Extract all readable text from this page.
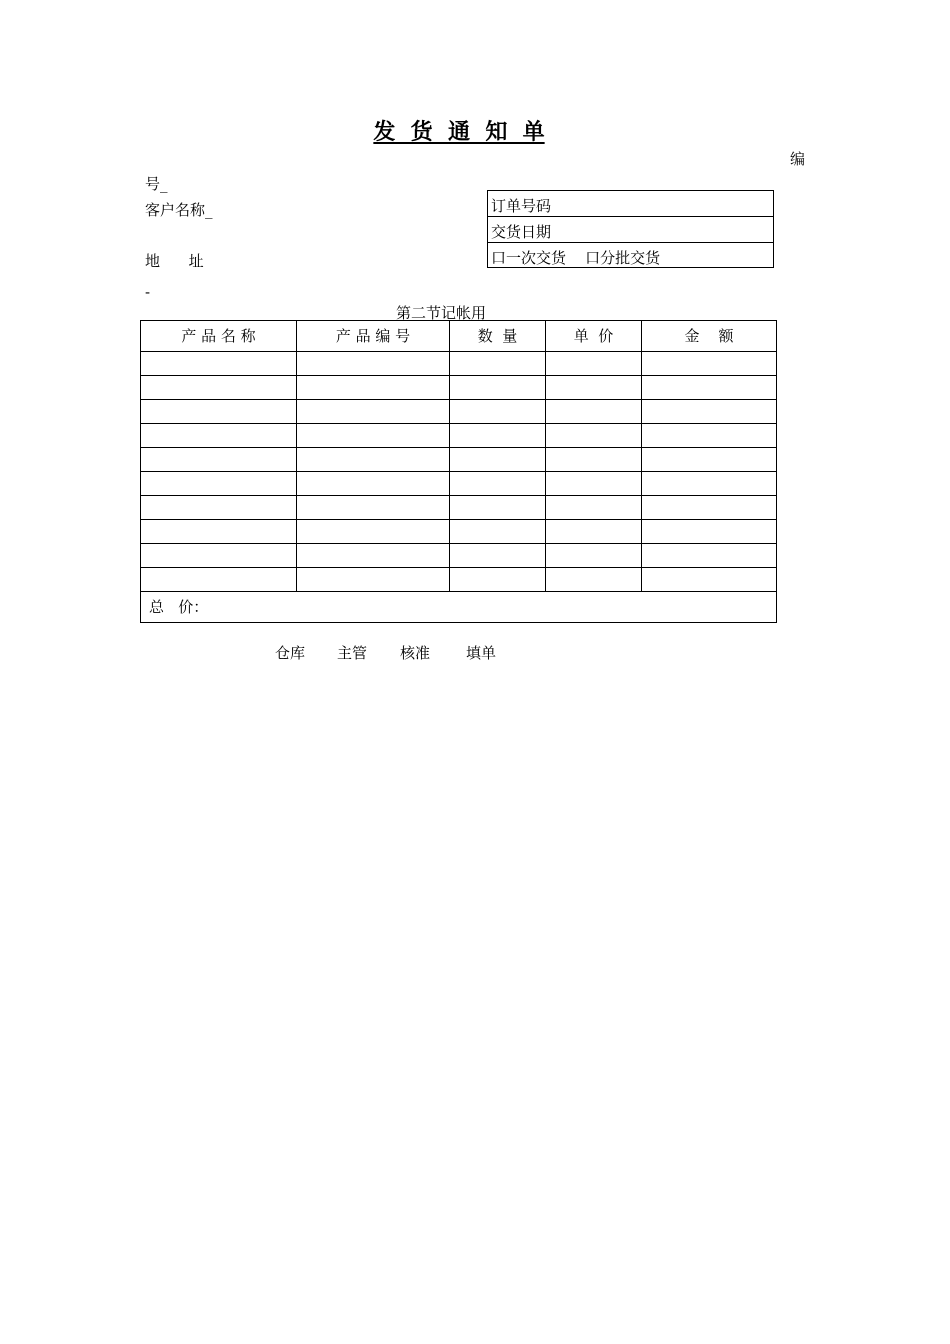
发  货  通  知  单
编
号_
客户名称_
地      址
-
订单号码
交货日期
口一次交货    口分批交货
第二节记帐用
产 品 名 称	产 品 编 号	数  量	单  价	金    额

总   价：				
仓库 主管 核准 填单
